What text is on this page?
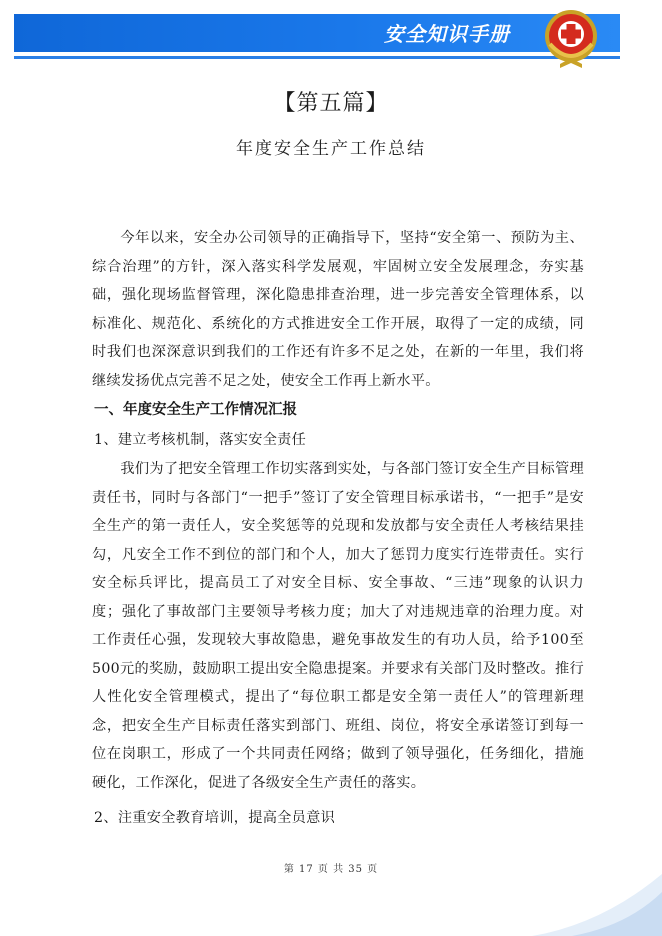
安全知识手册
【第五篇】
年度安全生产工作总结

今年以来，安全办公司领导的正确指导下，坚持“安全第一、预防为主、综合治理”的方针，深入落实科学发展观，牢固树立安全发展理念，夯实基础，强化现场监督管理，深化隐患排查治理，进一步完善安全管理体系，以标准化、规范化、系统化的方式推进安全工作开展，取得了一定的成绩，同时我们也深深意识到我们的工作还有许多不足之处，在新的一年里，我们将继续发扬优点完善不足之处，使安全工作再上新水平。

一、年度安全生产工作情况汇报

1、建立考核机制，落实安全责任

我们为了把安全管理工作切实落到实处，与各部门签订安全生产目标管理责任书，同时与各部门“一把手”签订了安全管理目标承诺书，“一把手”是安全生产的第一责任人，安全奖惩等的兑现和发放都与安全责任人考核结果挂勾，凡安全工作不到位的部门和个人，加大了惩罚力度实行连带责任。实行安全标兵评比，提高员工了对安全目标、安全事故、“三违”现象的认识力度；强化了事故部门主要领导考核力度；加大了对违规违章的治理力度。对工作责任心强，发现较大事故隐患，避免事故发生的有功人员，给予100至500元的奖励，鼓励职工提出安全隐患提案。并要求有关部门及时整改。推行人性化安全管理模式，提出了“每位职工都是安全第一责任人”的管理新理念，把安全生产目标责任落实到部门、班组、岗位，将安全承诺签订到每一位在岗职工，形成了一个共同责任网络；做到了领导强化，任务细化，措施硬化，工作深化，促进了各级安全生产责任的落实。

2、注重安全教育培训，提高全员意识

第 17 页 共 35 页
